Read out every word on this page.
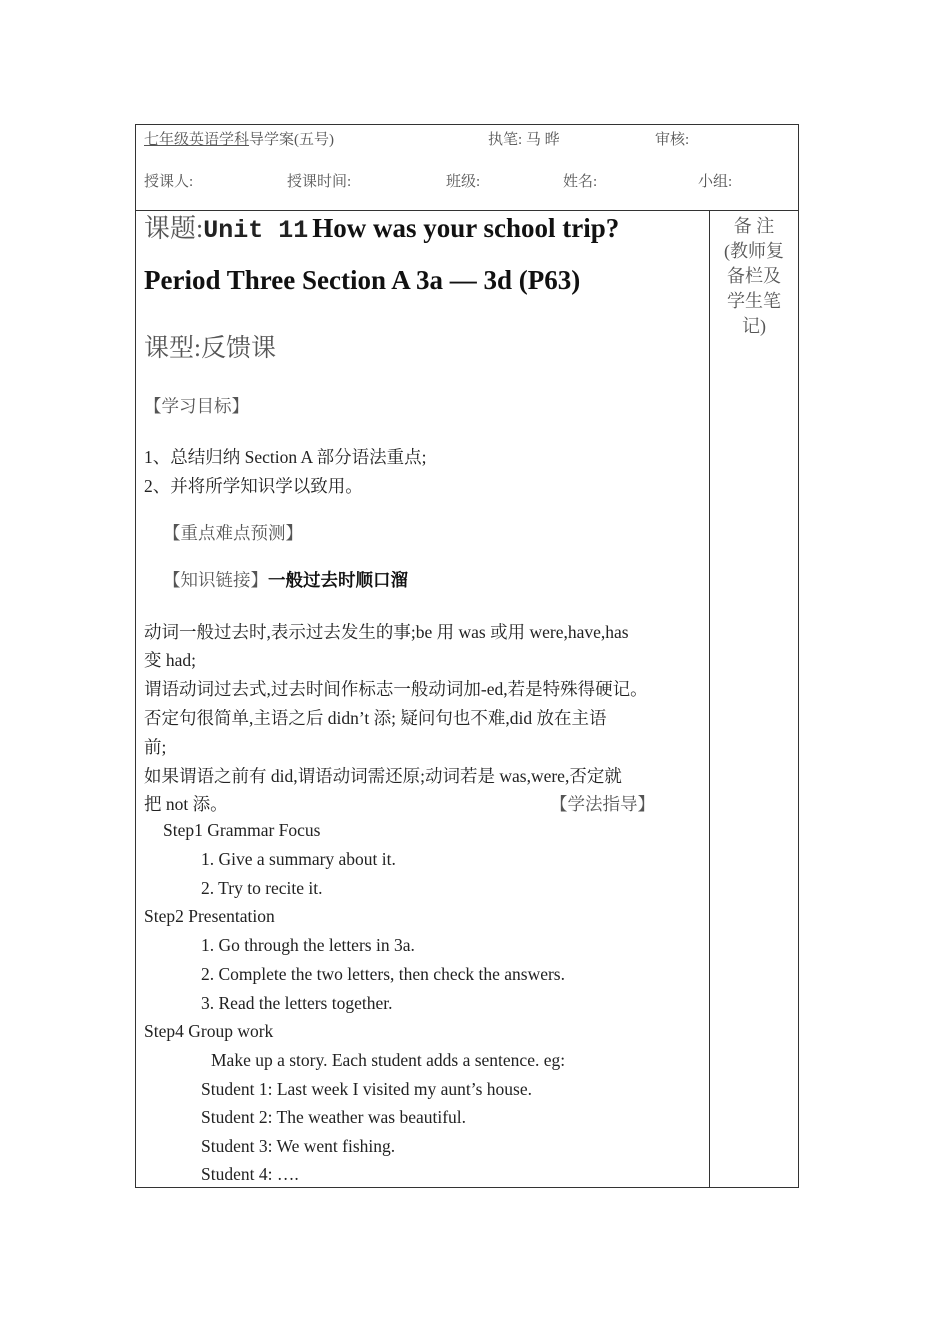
七年级英语学科导学案(五号)	执笔: 马 晔	审核:
授课人:	授课时间:	班级:	姓名:	小组:
课题:Unit 11 How was your school trip?
Period Three Section A 3a — 3d (P63)
课型:反馈课
【学习目标】
1、总结归纳 Section A 部分语法重点;
2、并将所学知识学以致用。
【重点难点预测】
【知识链接】一般过去时顺口溜
动词一般过去时,表示过去发生的事;be 用 was 或用 were,have,has
变 had;
谓语动词过去式,过去时间作标志一般动词加-ed,若是特殊得硬记。
否定句很简单,主语之后 didn’t 添; 疑问句也不难,did 放在主语
前;
如果谓语之前有 did,谓语动词需还原;动词若是 was,were,否定就
把 not 添。	【学法指导】
Step1 Grammar Focus
1. Give a summary about it.
2. Try to recite it.
Step2 Presentation
1. Go through the letters in 3a.
2. Complete the two letters, then check the answers.
3. Read the letters together.
Step4 Group work
Make up a story. Each student adds a sentence. eg:
Student 1: Last week I visited my aunt’s house.
Student 2: The weather was beautiful.
Student 3: We went fishing.
Student 4: ….
备 注
(教师复
备栏及
学生笔
记)
